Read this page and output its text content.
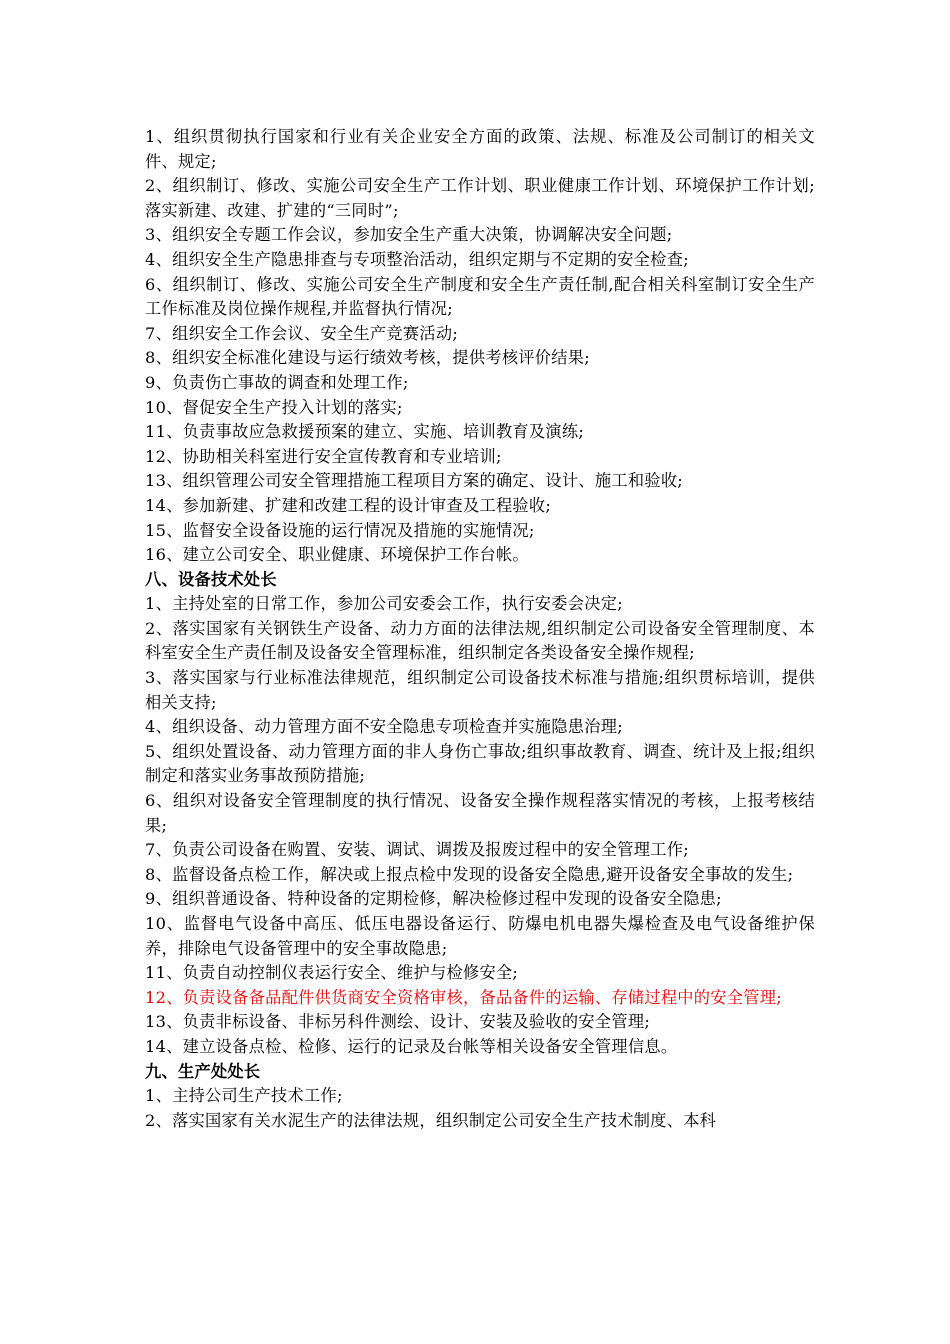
1、组织贯彻执行国家和行业有关企业安全方面的政策、法规、标准及公司制订的相关文件、规定;

2、组织制订、修改、实施公司安全生产工作计划、职业健康工作计划、环境保护工作计划;落实新建、改建、扩建的“三同时”;

3、组织安全专题工作会议，参加安全生产重大决策，协调解决安全问题;

4、组织安全生产隐患排查与专项整治活动，组织定期与不定期的安全检查;

6、组织制订、修改、实施公司安全生产制度和安全生产责任制,配合相关科室制订安全生产工作标准及岗位操作规程,并监督执行情况;

7、组织安全工作会议、安全生产竞赛活动;

8、组织安全标准化建设与运行绩效考核，提供考核评价结果;

9、负责伤亡事故的调查和处理工作;

10、督促安全生产投入计划的落实;

11、负责事故应急救援预案的建立、实施、培训教育及演练;

12、协助相关科室进行安全宣传教育和专业培训;

13、组织管理公司安全管理措施工程项目方案的确定、设计、施工和验收;

14、参加新建、扩建和改建工程的设计审查及工程验收;

15、监督安全设备设施的运行情况及措施的实施情况;

16、建立公司安全、职业健康、环境保护工作台帐。

八、设备技术处长

1、主持处室的日常工作，参加公司安委会工作，执行安委会决定;

2、落实国家有关钢铁生产设备、动力方面的法律法规,组织制定公司设备安全管理制度、本科室安全生产责任制及设备安全管理标准，组织制定各类设备安全操作规程;

3、落实国家与行业标准法律规范，组织制定公司设备技术标准与措施;组织贯标培训，提供相关支持;

4、组织设备、动力管理方面不安全隐患专项检查并实施隐患治理;

5、组织处置设备、动力管理方面的非人身伤亡事故;组织事故教育、调查、统计及上报;组织制定和落实业务事故预防措施;

6、组织对设备安全管理制度的执行情况、设备安全操作规程落实情况的考核，上报考核结果;

7、负责公司设备在购置、安装、调试、调拨及报废过程中的安全管理工作;

8、监督设备点检工作，解决或上报点检中发现的设备安全隐患,避开设备安全事故的发生;

9、组织普通设备、特种设备的定期检修，解决检修过程中发现的设备安全隐患;

10、监督电气设备中高压、低压电器设备运行、防爆电机电器失爆检查及电气设备维护保养，排除电气设备管理中的安全事故隐患;

11、负责自动控制仪表运行安全、维护与检修安全;

12、负责设备备品配件供货商安全资格审核，备品备件的运输、存储过程中的安全管理;

13、负责非标设备、非标另科件测绘、设计、安装及验收的安全管理;

14、建立设备点检、检修、运行的记录及台帐等相关设备安全管理信息。

九、生产处处长

1、主持公司生产技术工作;

2、落实国家有关水泥生产的法律法规，组织制定公司安全生产技术制度、本科
